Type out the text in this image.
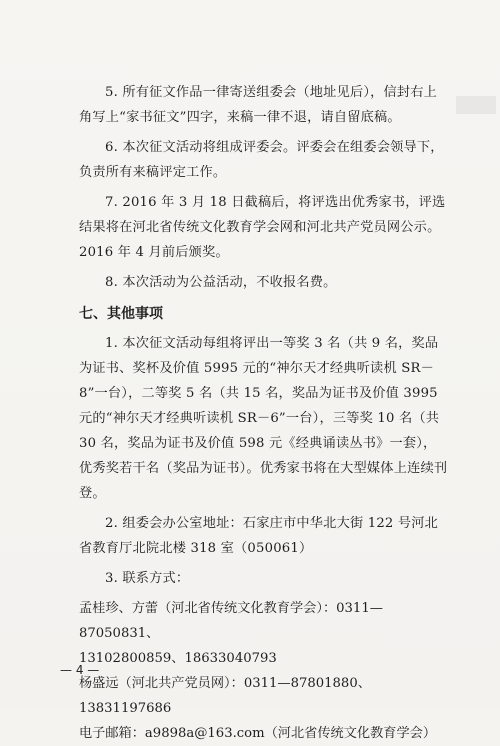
5. 所有征文作品一律寄送组委会（地址见后），信封右上角写上“家书征文”四字，来稿一律不退，请自留底稿。

6. 本次征文活动将组成评委会。评委会在组委会领导下，负责所有来稿评定工作。

7. 2016 年 3 月 18 日截稿后，将评选出优秀家书，评选结果将在河北省传统文化教育学会网和河北共产党员网公示。2016 年 4 月前后颁奖。

8. 本次活动为公益活动，不收报名费。

七、其他事项

1. 本次征文活动每组将评出一等奖 3 名（共 9 名，奖品为证书、奖杯及价值 5995 元的“神尔天才经典听读机 SR－8”一台），二等奖 5 名（共 15 名，奖品为证书及价值 3995 元的“神尔天才经典听读机 SR－6”一台），三等奖 10 名（共 30 名，奖品为证书及价值 598 元《经典诵读丛书》一套），优秀奖若干名（奖品为证书）。优秀家书将在大型媒体上连续刊登。

2. 组委会办公室地址：石家庄市中华北大街 122 号河北省教育厅北院北楼 318 室（050061）

3. 联系方式：

孟桂珍、方蕾（河北省传统文化教育学会）：0311—87050831、

13102800859、18633040793

杨盛远（河北共产党员网）：0311—87801880、13831197686

电子邮箱：a9898a@163.com（河北省传统文化教育学会）

— 4 —
